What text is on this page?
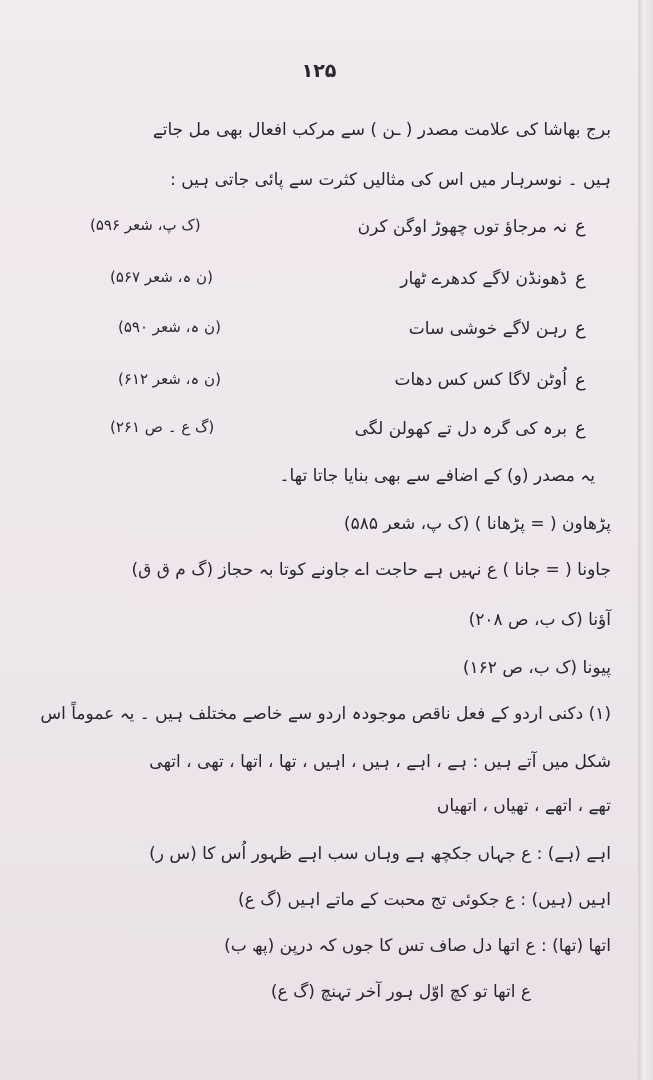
۱۲۵
برج بھاشا کی علامت مصدر ( ـن ) سے مرکب افعال بھی مل جاتے
ہیں ۔ نوسرہار میں اس کی مثالیں کثرت سے پائی جاتی ہیں :
ع
نہ مرجاؤ توں چھوڑ اوگن کرن
(ک پ، شعر ۵۹۶)
ع
ڈھونڈن لاگے کدھرے ٹھار
(ن ہ، شعر ۵۶۷)
ع
رہن لاگے خوشی سات
(ن ہ، شعر ۵۹۰)
ع
اُوٹن لاگا کس کس دھات
(ن ہ، شعر ۶۱۲)
ع
برہ کی گرہ دل تے کھولن لگی
(گ ع ۔ ص ۲۶۱)
یہ مصدر (و) کے اضافے سے بھی بنایا جاتا تھا۔
پڑھاون ( = پڑھانا ) (ک پ، شعر ۵۸۵)
جاونا ( = جانا ) ع نہیں ہے حاجت اے جاونے کوتا بہ حجاز (گ م ق ق)
آؤنا (ک ب، ص ۲۰۸)
پیونا (ک ب، ص ۱۶۲)
(۱) دکنی اردو کے فعل ناقص موجودہ اردو سے خاصے مختلف ہیں ۔ یہ عموماً اس
شکل میں آتے ہیں : ہے ، اہے ، ہیں ، اہیں ، تھا ، اتھا ، تھی ، اتھی
تھے ، اتھے ، تھیاں ، اتھیاں
اہے (ہے) : ع جہاں جکچھ ہے وہاں سب اہے ظہور اُس کا (س ر)
اہیں (ہیں) : ع جکوئی تج محبت کے ماتے اہیں (گ ع)
اتھا (تھا) : ع اتھا دل صاف تس کا جوں کہ درپن (پھ ب)
ع اتھا تو کچ اوّل ہور آخر تہنچ (گ ع)
